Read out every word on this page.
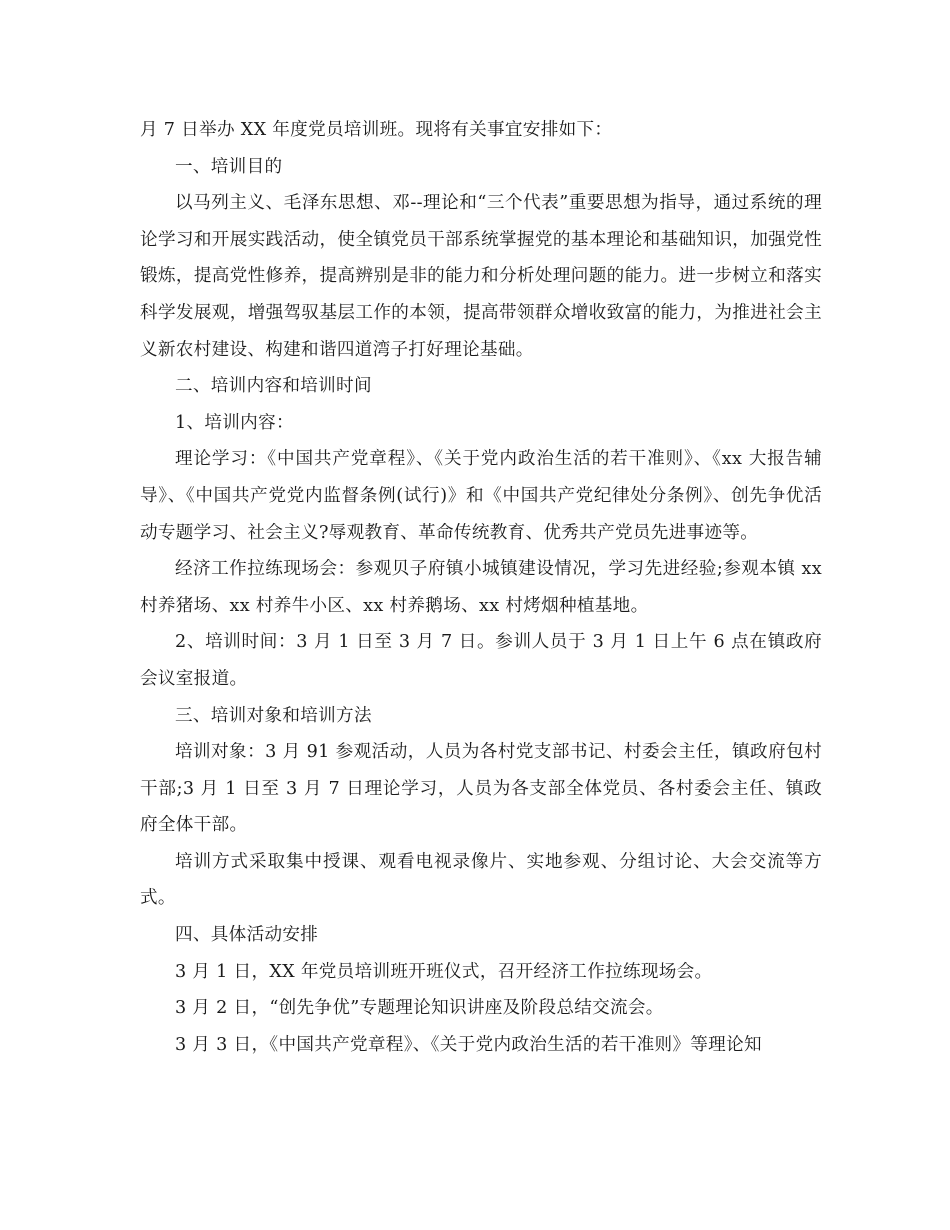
月 7 日举办 XX 年度党员培训班。现将有关事宜安排如下：

一、培训目的

以马列主义、毛泽东思想、邓--理论和“三个代表”重要思想为指导，通过系统的理论学习和开展实践活动，使全镇党员干部系统掌握党的基本理论和基础知识，加强党性锻炼，提高党性修养，提高辨别是非的能力和分析处理问题的能力。进一步树立和落实科学发展观，增强驾驭基层工作的本领，提高带领群众增收致富的能力，为推进社会主义新农村建设、构建和谐四道湾子打好理论基础。

二、培训内容和培训时间

1、培训内容：

理论学习：《中国共产党章程》、《关于党内政治生活的若干准则》、《xx 大报告辅导》、《中国共产党党内监督条例(试行)》和《中国共产党纪律处分条例》、创先争优活动专题学习、社会主义?辱观教育、革命传统教育、优秀共产党员先进事迹等。

经济工作拉练现场会：参观贝子府镇小城镇建设情况，学习先进经验;参观本镇 xx 村养猪场、xx 村养牛小区、xx 村养鹅场、xx 村烤烟种植基地。

2、培训时间：3 月 1 日至 3 月 7 日。参训人员于 3 月 1 日上午 6 点在镇政府会议室报道。

三、培训对象和培训方法

培训对象：3 月 91 参观活动，人员为各村党支部书记、村委会主任，镇政府包村干部;3 月 1 日至 3 月 7 日理论学习，人员为各支部全体党员、各村委会主任、镇政府全体干部。

培训方式采取集中授课、观看电视录像片、实地参观、分组讨论、大会交流等方式。

四、具体活动安排

3 月 1 日，XX 年党员培训班开班仪式，召开经济工作拉练现场会。

3 月 2 日，“创先争优”专题理论知识讲座及阶段总结交流会。

3 月 3 日，《中国共产党章程》、《关于党内政治生活的若干准则》等理论知
